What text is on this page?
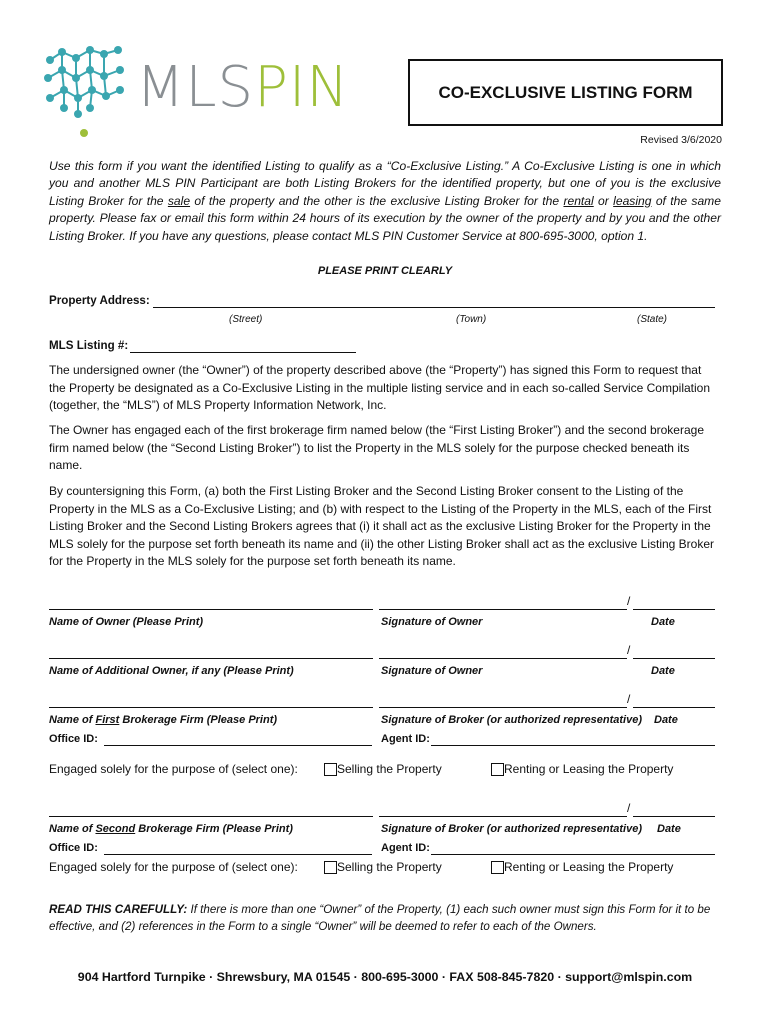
MLSPIN	CO-EXCLUSIVE LISTING FORM
Revised 3/6/2020
Use this form if you want the identified Listing to qualify as a “Co-Exclusive Listing.” A Co-Exclusive Listing is one in which you and another MLS PIN Participant are both Listing Brokers for the identified property, but one of you is the exclusive Listing Broker for the sale of the property and the other is the exclusive Listing Broker for the rental or leasing of the same property. Please fax or email this form within 24 hours of its execution by the owner of the property and by you and the other Listing Broker. If you have any questions, please contact MLS PIN Customer Service at 800-695-3000, option 1.
PLEASE PRINT CLEARLY
Property Address:
(Street)	(Town)	(State)
MLS Listing #:
The undersigned owner (the “Owner”) of the property described above (the “Property”) has signed this Form to request that the Property be designated as a Co-Exclusive Listing in the multiple listing service and in each so-called Service Compilation (together, the “MLS”) of MLS Property Information Network, Inc.
The Owner has engaged each of the first brokerage firm named below (the “First Listing Broker”) and the second brokerage firm named below (the “Second Listing Broker”) to list the Property in the MLS solely for the purpose checked beneath its name.
By countersigning this Form, (a) both the First Listing Broker and the Second Listing Broker consent to the Listing of the Property in the MLS as a Co-Exclusive Listing; and (b) with respect to the Listing of the Property in the MLS, each of the First Listing Broker and the Second Listing Brokers agrees that (i) it shall act as the exclusive Listing Broker for the Property in the MLS solely for the purpose set forth beneath its name and (ii) the other Listing Broker shall act as the exclusive Listing Broker for the Property in the MLS solely for the purpose set forth beneath its name.
/
Name of Owner (Please Print)	Signature of Owner	Date
/
Name of Additional Owner, if any (Please Print)	Signature of Owner	Date
/
Name of First Brokerage Firm (Please Print)	Signature of Broker (or authorized representative) Date
Office ID:	Agent ID:
Engaged solely for the purpose of (select one):	Selling the Property	Renting or Leasing the Property
/
Name of Second Brokerage Firm (Please Print)	Signature of Broker (or authorized representative) Date
Office ID:	Agent ID:
Engaged solely for the purpose of (select one):	Selling the Property	Renting or Leasing the Property
READ THIS CAREFULLY: If there is more than one “Owner” of the Property, (1) each such owner must sign this Form for it to be effective, and (2) references in the Form to a single “Owner” will be deemed to refer to each of the Owners.
904 Hartford Turnpike · Shrewsbury, MA 01545 · 800-695-3000 · FAX 508-845-7820 · support@mlspin.com
